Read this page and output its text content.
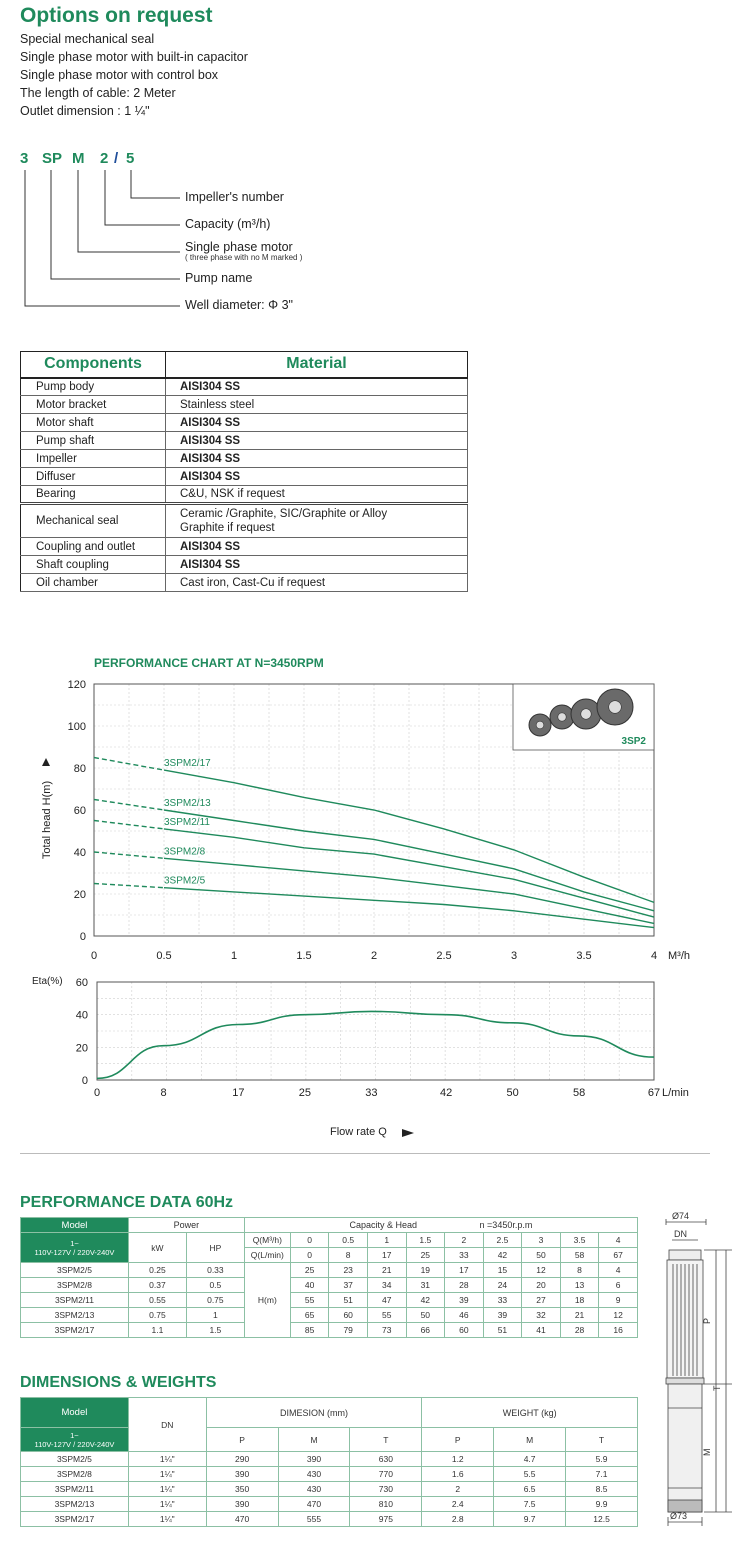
Options on request
Special mechanical seal
Single phase motor with built-in capacitor
Single phase motor with control box
The length of cable: 2 Meter
Outlet dimension : 1 ¼"
3 SP M 2 / 5
Impeller's number
Capacity (m³/h)
Single phase motor
( three phase with no M marked )
Pump name
Well diameter: Φ 3"
Components	Material
Pump body	AISI304 SS
Motor bracket	Stainless steel
Motor shaft	AISI304 SS
Pump shaft	AISI304 SS
Impeller	AISI304 SS
Diffuser	AISI304 SS
Bearing	C&U, NSK if request
Mechanical seal	Ceramic /Graphite, SIC/Graphite or Alloy
Graphite if request

Coupling and outlet	AISI304 SS
Shaft coupling	AISI304 SS
Oil chamber	Cast iron, Cast-Cu if request
PERFORMANCE CHART AT N=3450RPM
0
20
40
60
80
100
120
0	0.5	1	1.5	2	2.5	3	3.5	4 M³/h
Total head H(m)
3SP2
3SPM2/17
3SPM2/13
3SPM2/11
3SPM2/8
3SPM2/5
0
20
40
60
0	8	17	25	33	42	50	58	67 L/min
Eta(%)
Flow rate Q
PERFORMANCE DATA 60Hz
Model	Power		Capacity & Head n =3450r.p.m									
1~
110V-127V / 220V-240V	kW	HP	Q(M³/h)	0	0.5	1	1.5	2	2.5	3	3.5	4
			Q(L/min)	0	8	17	25	33	42	50	58	67
3SPM2/5	0.25	0.33	H(m)	25	23	21	19	17	15	12	8	4
3SPM2/8	0.37	0.5		40	37	34	31	28	24	20	13	6
3SPM2/11	0.55	0.75		55	51	47	42	39	33	27	18	9
3SPM2/13	0.75	1		65	60	55	50	46	39	32	21	12
3SPM2/17	1.1	1.5		85	79	73	66	60	51	41	28	16
DIMENSIONS & WEIGHTS
Model	DN	DIMESION (mm)			WEIGHT (kg)		
1~
110V-127V / 220V-240V		P	M	T	P	M	T
3SPM2/5	1¼"	290	390	630	1.2	4.7	5.9
3SPM2/8	1¼"	390	430	770	1.6	5.5	7.1
3SPM2/11	1¼"	350	430	730	2	6.5	8.5
3SPM2/13	1¼"	390	470	810	2.4	7.5	9.9
3SPM2/17	1¼"	470	555	975	2.8	9.7	12.5
Ø74
DN
P
T
M
Ø73
